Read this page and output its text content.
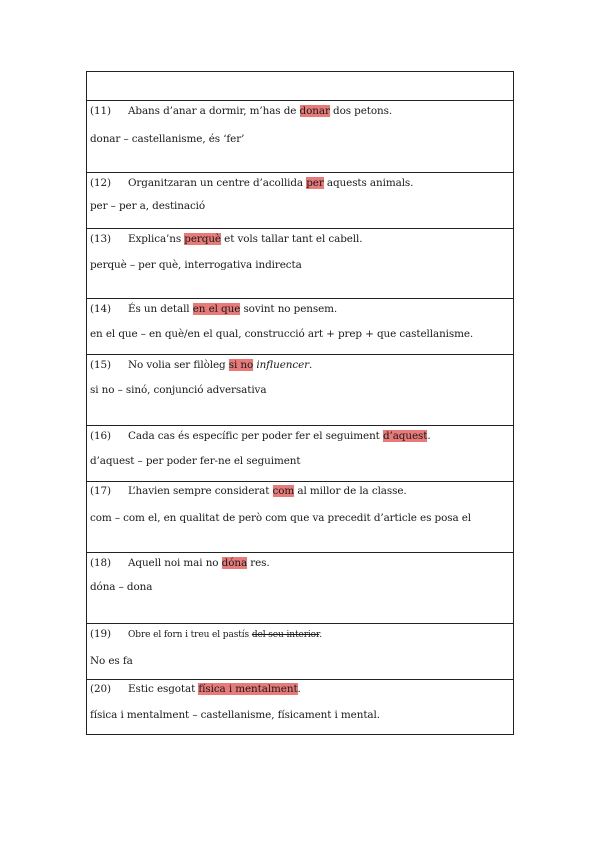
(11) Abans d’anar a dormir, m’has de donar dos petons.
donar – castellanisme, és ‘fer’
(12) Organitzaran un centre d’acollida per aquests animals.
per – per a, destinació
(13) Explica’ns perquè et vols tallar tant el cabell.
perquè – per què, interrogativa indirecta
(14) És un detall en el que sovint no pensem.
en el que – en què/en el qual, construcció art + prep + que castellanisme.
(15) No volia ser filòleg si no influencer.
si no – sinó, conjunció adversativa
(16) Cada cas és específic per poder fer el seguiment d’aquest.
d’aquest – per poder fer-ne el seguiment
(17) L’havien sempre considerat com al millor de la classe.
com – com el, en qualitat de però com que va precedit d’article es posa el
(18) Aquell noi mai no dóna res.
dóna – dona
(19) Obre el forn i treu el pastís del seu interior.
No es fa
(20) Estic esgotat física i mentalment.
física i mentalment – castellanisme, físicament i mental.
